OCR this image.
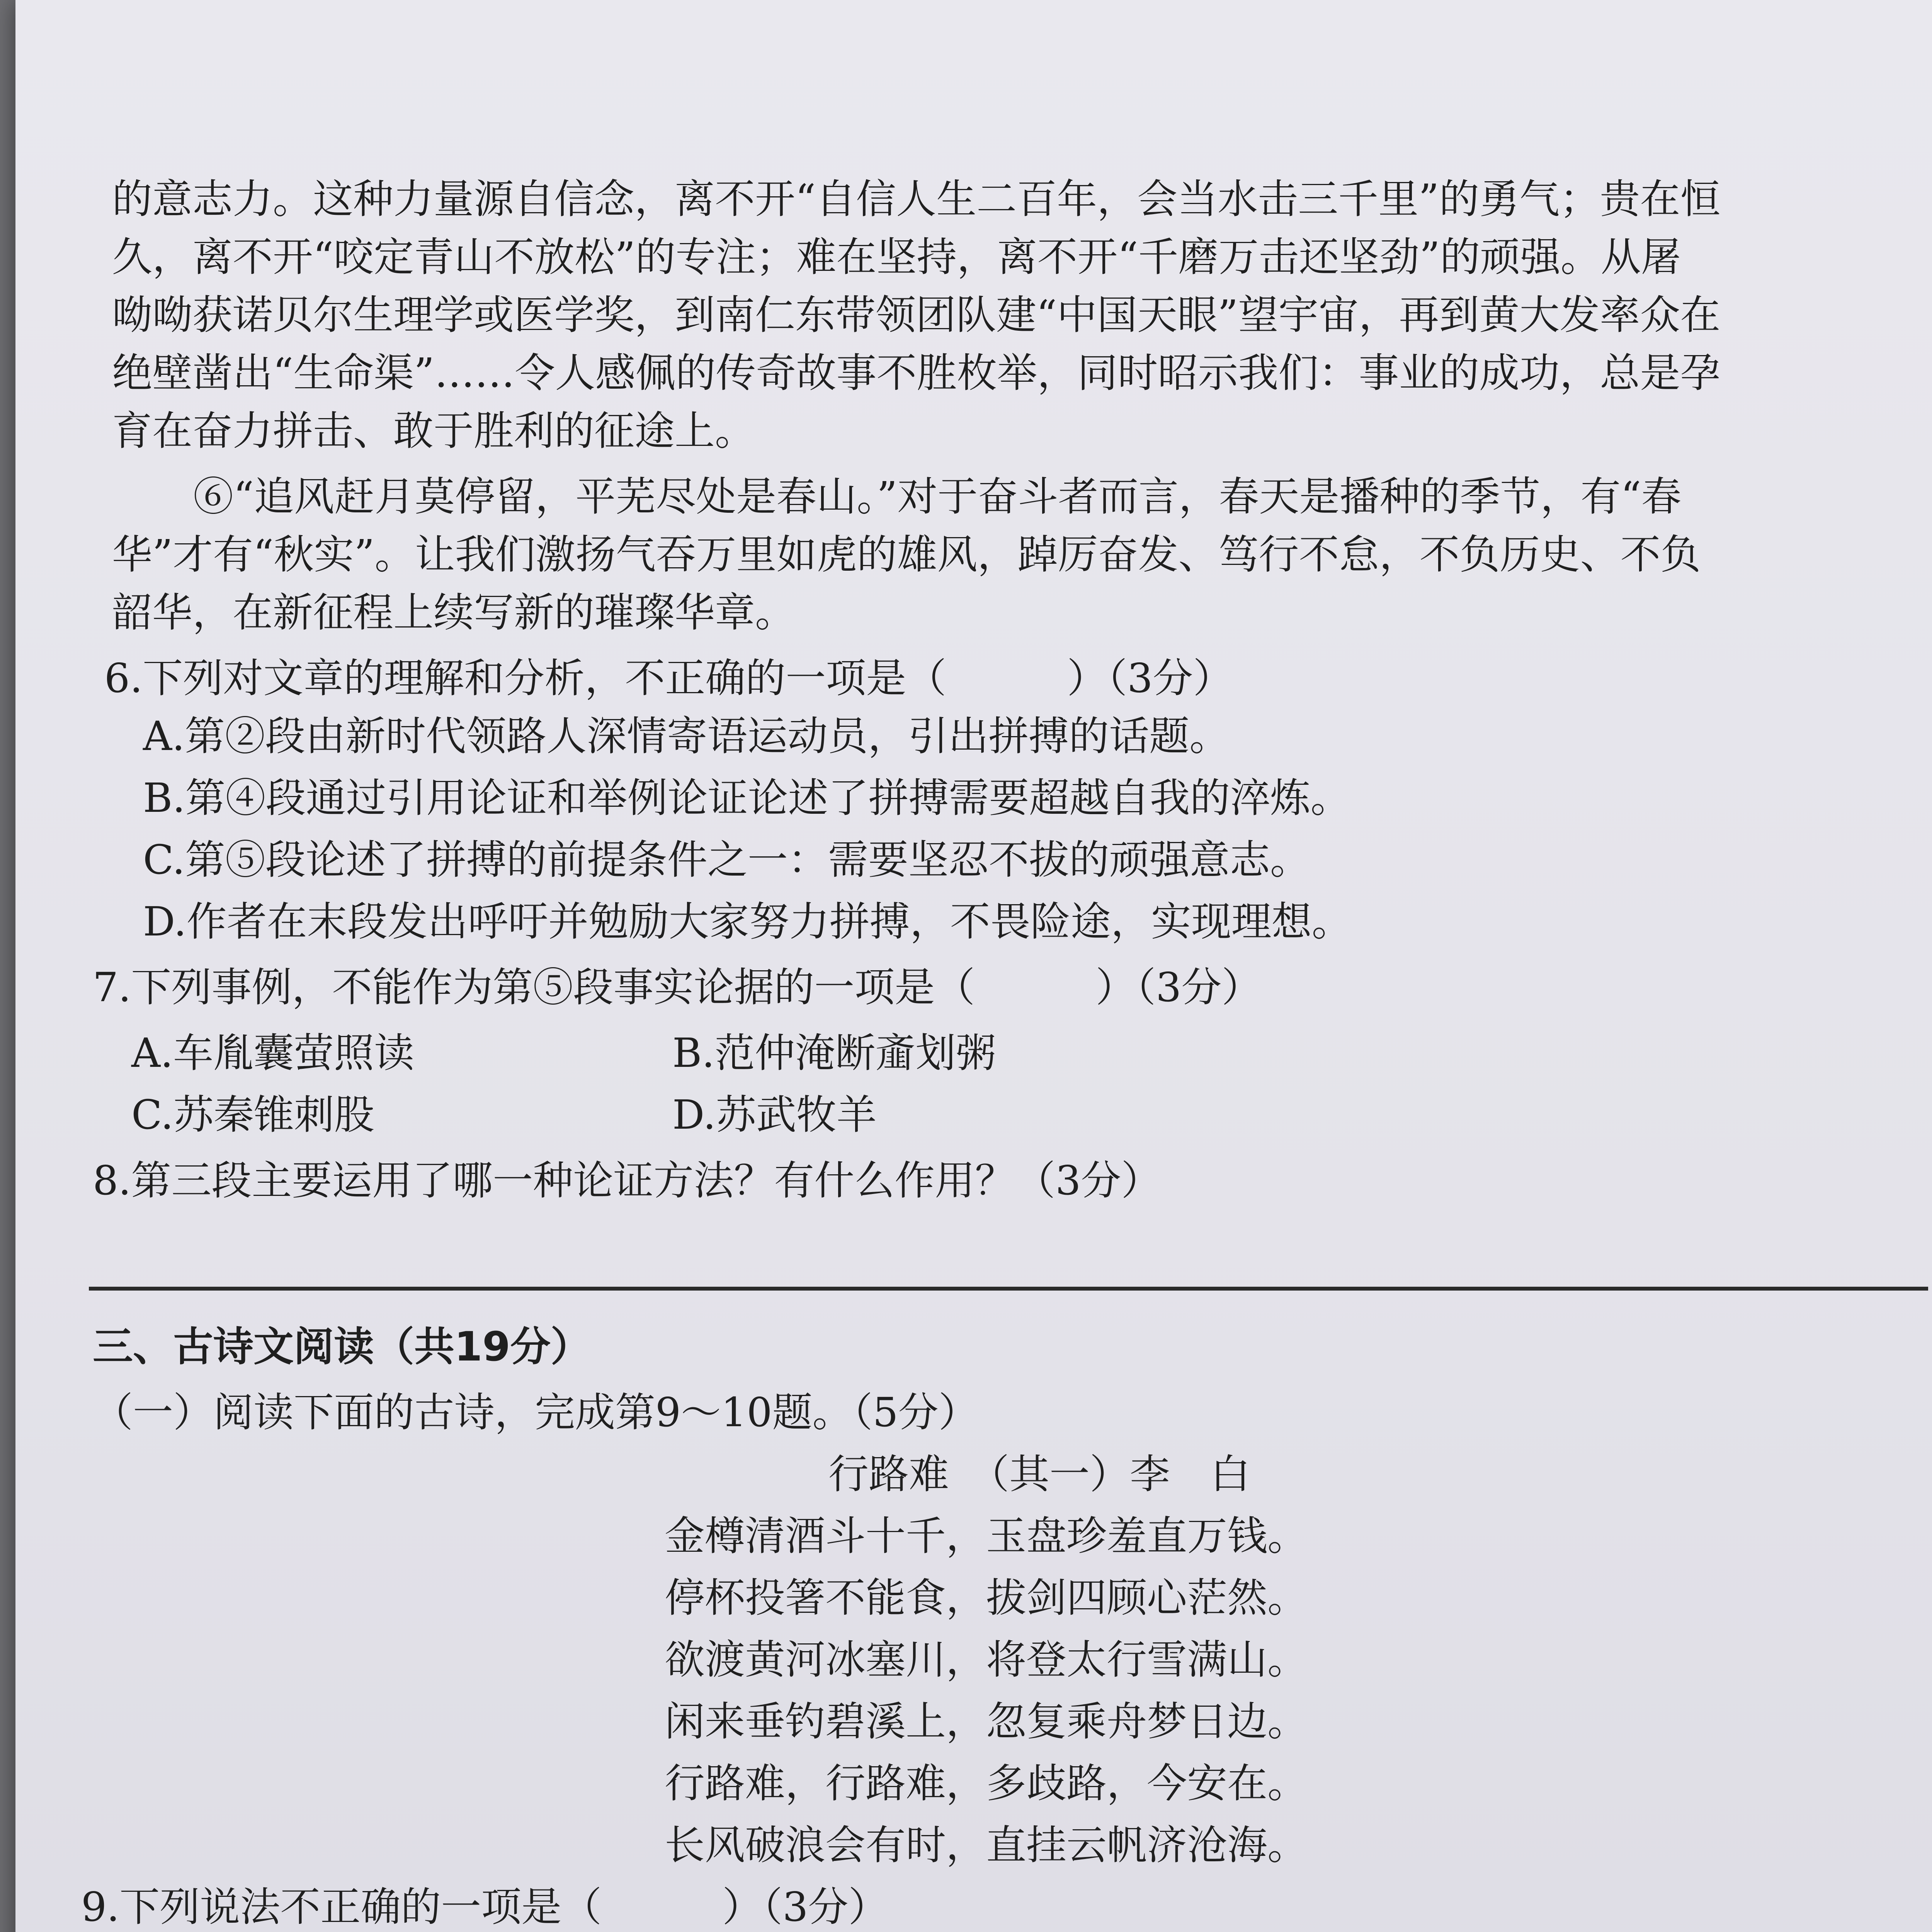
的意志力。这种力量源自信念，离不开“自信人生二百年，会当水击三千里”的勇气；贵在恒
久，离不开“咬定青山不放松”的专注；难在坚持，离不开“千磨万击还坚劲”的顽强。从屠
呦呦获诺贝尔生理学或医学奖，到南仁东带领团队建“中国天眼”望宇宙，再到黄大发率众在
绝壁凿出“生命渠”……令人感佩的传奇故事不胜枚举，同时昭示我们：事业的成功，总是孕
育在奋力拼击、敢于胜利的征途上。
⑥“追风赶月莫停留，平芜尽处是春山。”对于奋斗者而言，春天是播种的季节，有“春
华”才有“秋实”。让我们激扬气吞万里如虎的雄风，踔厉奋发、笃行不怠，不负历史、不负
韶华，在新征程上续写新的璀璨华章。
6.下列对文章的理解和分析，不正确的一项是（　　　）（3分）
A.第②段由新时代领路人深情寄语运动员，引出拼搏的话题。
B.第④段通过引用论证和举例论证论述了拼搏需要超越自我的淬炼。
C.第⑤段论述了拼搏的前提条件之一：需要坚忍不拔的顽强意志。
D.作者在末段发出呼吁并勉励大家努力拼搏，不畏险途，实现理想。
7.下列事例，不能作为第⑤段事实论据的一项是（　　　）（3分）
A.车胤囊萤照读	B.范仲淹断齑划粥
C.苏秦锥刺股	D.苏武牧羊
8.第三段主要运用了哪一种论证方法？有什么作用？（3分）
三、古诗文阅读（共19分）
（一）阅读下面的古诗，完成第9～10题。（5分）
行路难　（其一）李　白
金樽清酒斗十千，玉盘珍羞直万钱。
停杯投箸不能食，拔剑四顾心茫然。
欲渡黄河冰塞川，将登太行雪满山。
闲来垂钓碧溪上，忽复乘舟梦日边。
行路难，行路难，多歧路，今安在。
长风破浪会有时，直挂云帆济沧海。
9.下列说法不正确的一项是（　　　）（3分）
